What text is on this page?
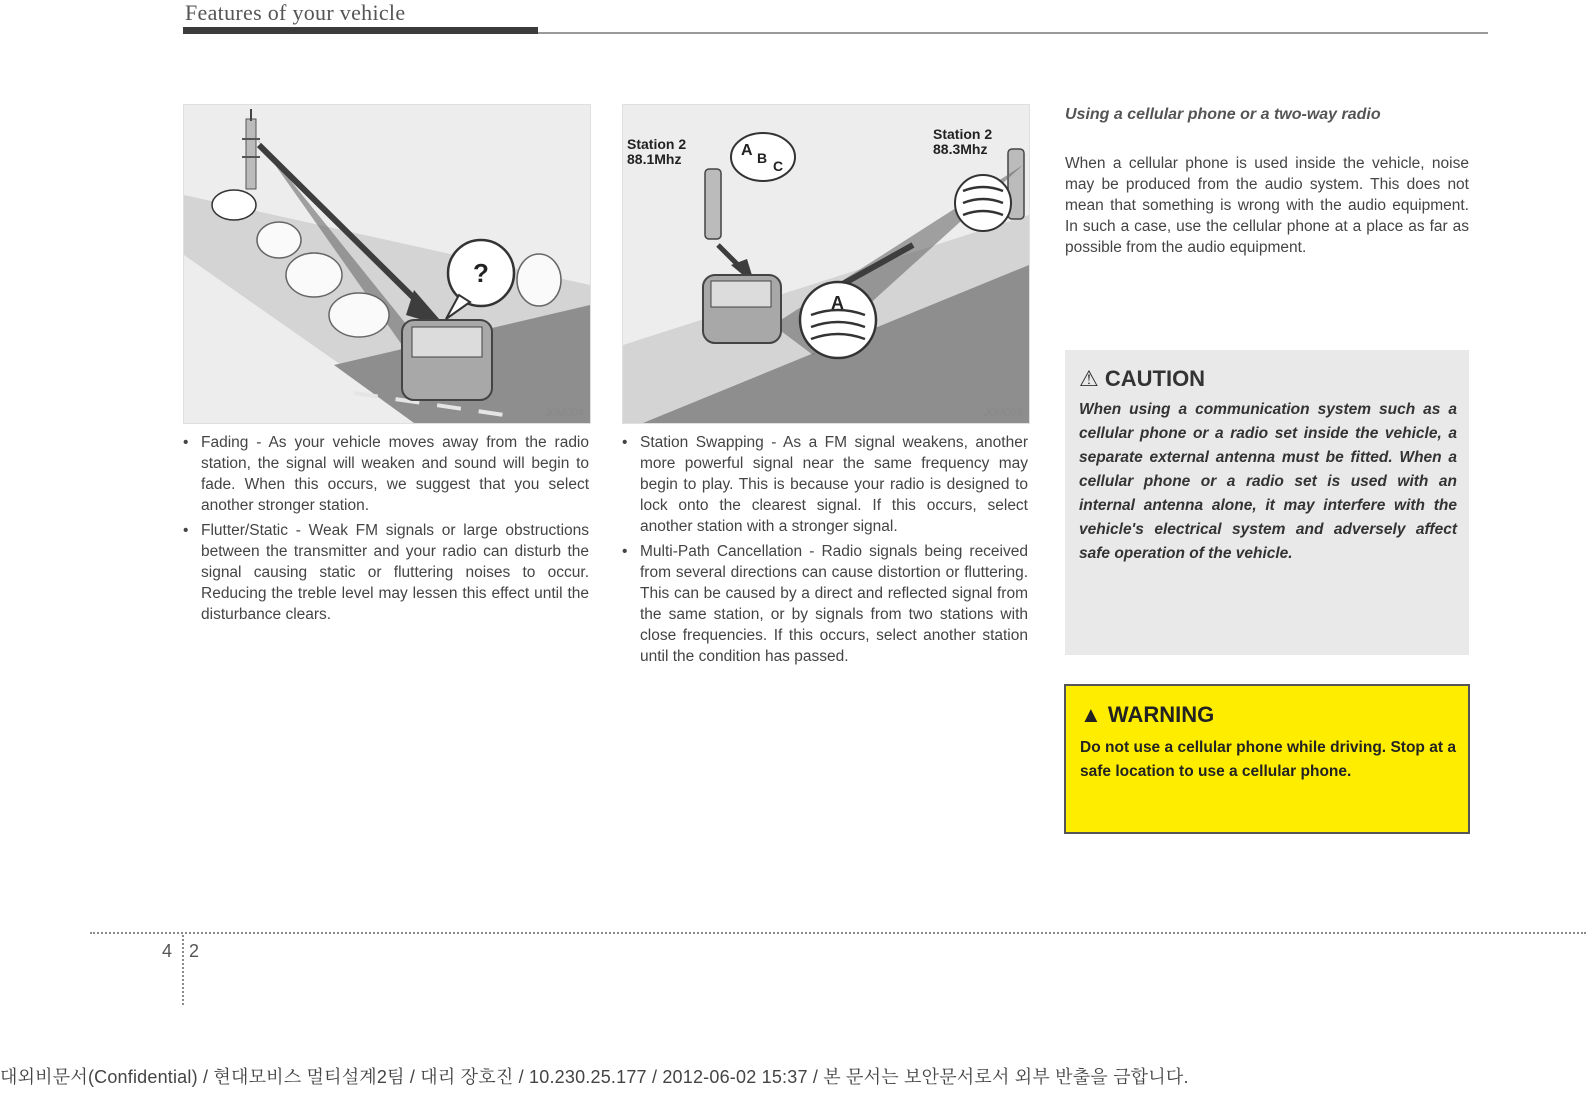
Features of your vehicle
?
J0M004
Station 2
88.1Mhz
Station 2
88.3Mhz
A B C
A
J0M005
• Fading - As your vehicle moves away from the radio station, the signal will weaken and sound will begin to fade. When this occurs, we suggest that you select another stronger station.
• Flutter/Static - Weak FM signals or large obstructions between the transmitter and your radio can disturb the signal causing static or fluttering noises to occur. Reducing the treble level may lessen this effect until the disturbance clears.
• Station Swapping - As a FM signal weakens, another more powerful signal near the same frequency may begin to play. This is because your radio is designed to lock onto the clearest signal. If this occurs, select another station with a stronger signal.
• Multi-Path Cancellation - Radio signals being received from several directions can cause distortion or fluttering. This can be caused by a direct and reflected signal from the same station, or by signals from two stations with close frequencies. If this occurs, select another station until the condition has passed.
Using a cellular phone or a two-way radio
When a cellular phone is used inside the vehicle, noise may be produced from the audio system. This does not mean that something is wrong with the audio equipment. In such a case, use the cellular phone at a place as far as possible from the audio equipment.
⚠ CAUTION
When using a communication system such as a cellular phone or a radio set inside the vehicle, a separate external antenna must be fitted. When a cellular phone or a radio set is used with an internal antenna alone, it may interfere with the vehicle's electrical system and adversely affect safe operation of the vehicle.
▲ WARNING
Do not use a cellular phone while driving. Stop at a safe location to use a cellular phone.
4 2
대외비문서(Confidential) / 현대모비스 멀티설계2팀 / 대리 장호진 / 10.230.25.177 / 2012-06-02 15:37 / 본 문서는 보안문서로서 외부 반출을 금합니다.
